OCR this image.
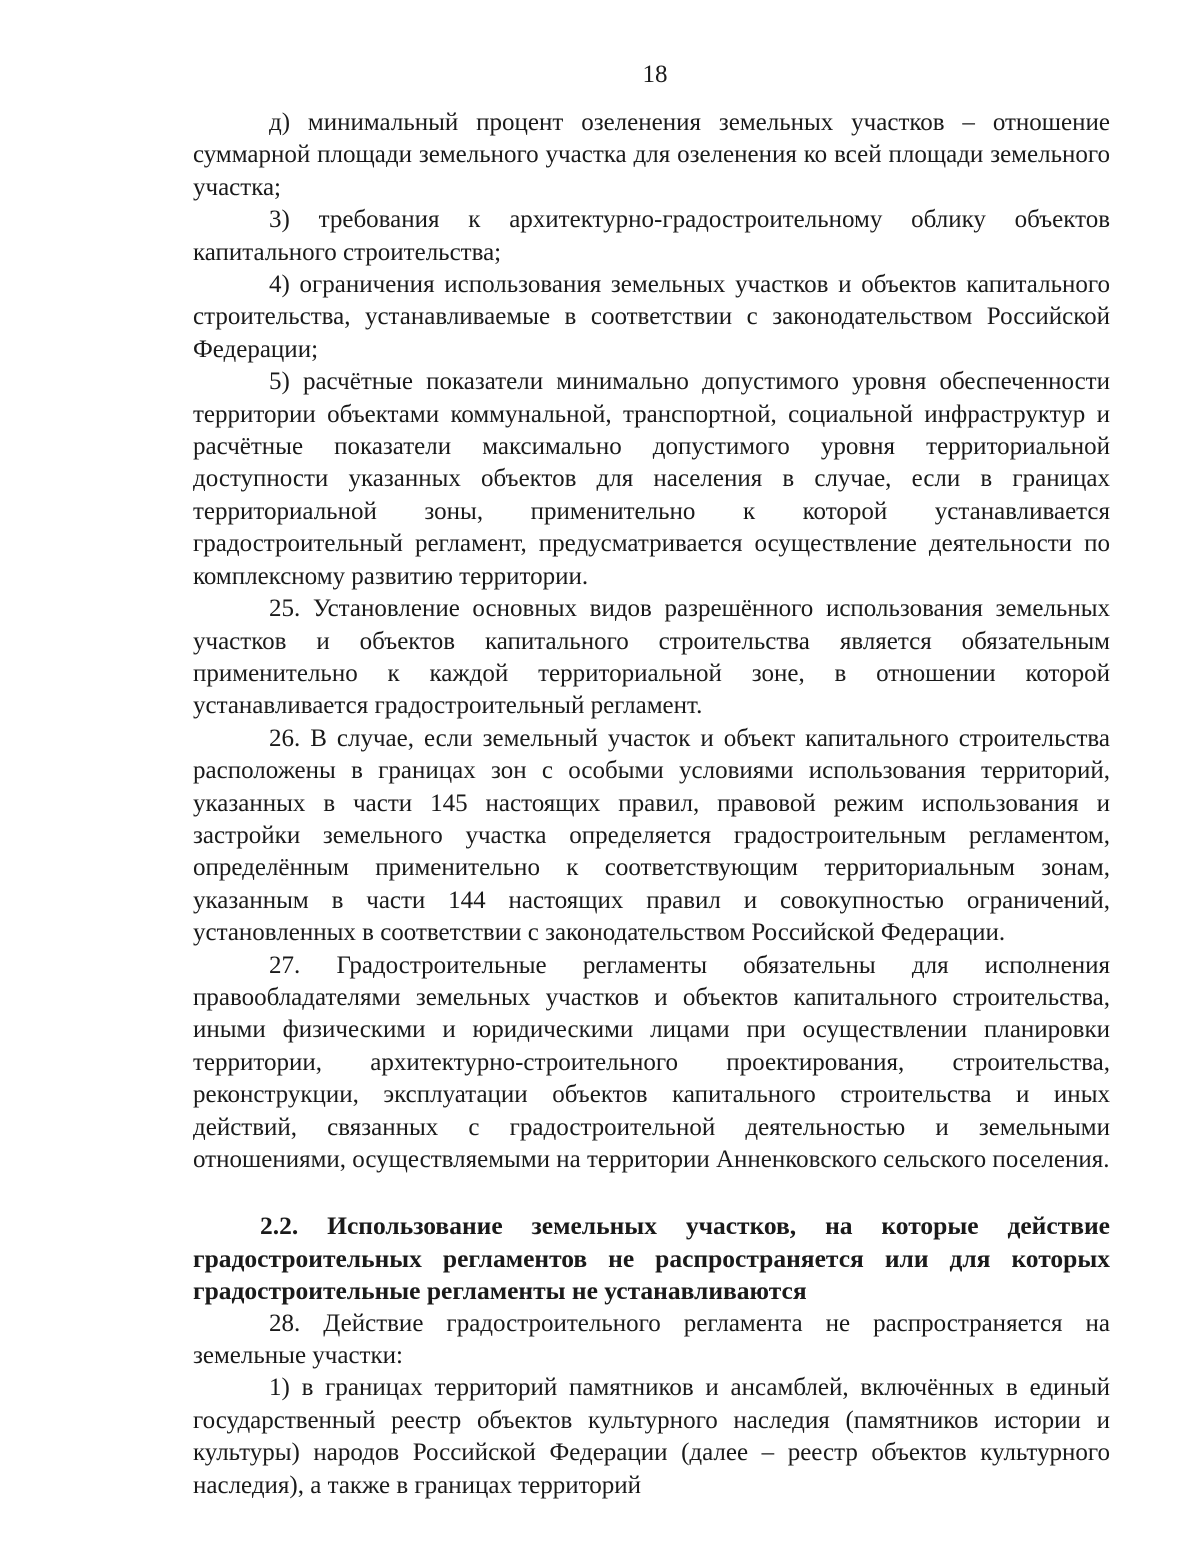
18

д) минимальный процент озеленения земельных участков – отношение суммарной площади земельного участка для озеленения ко всей площади земельного участка;

3) требования к архитектурно-градостроительному облику объектов капитального строительства;

4) ограничения использования земельных участков и объектов капитального строительства, устанавливаемые в соответствии с законодательством Российской Федерации;

5) расчётные показатели минимально допустимого уровня обеспеченности территории объектами коммунальной, транспортной, социальной инфраструктур и расчётные показатели максимально допустимого уровня территориальной доступности указанных объектов для населения в случае, если в границах территориальной зоны, применительно к которой устанавливается градостроительный регламент, предусматривается осуществление деятельности по комплексному развитию территории.

25. Установление основных видов разрешённого использования земельных участков и объектов капитального строительства является обязательным применительно к каждой территориальной зоне, в отношении которой устанавливается градостроительный регламент.

26. В случае, если земельный участок и объект капитального строительства расположены в границах зон с особыми условиями использования территорий, указанных в части 145 настоящих правил, правовой режим использования и застройки земельного участка определяется градостроительным регламентом, определённым применительно к соответствующим территориальным зонам, указанным в части 144 настоящих правил и совокупностью ограничений, установленных в соответствии с законодательством Российской Федерации.

27. Градостроительные регламенты обязательны для исполнения правообладателями земельных участков и объектов капитального строительства, иными физическими и юридическими лицами при осуществлении планировки территории, архитектурно-строительного проектирования, строительства, реконструкции, эксплуатации объектов капитального строительства и иных действий, связанных с градостроительной деятельностью и земельными отношениями, осуществляемыми на территории Анненковского сельского поселения.

2.2. Использование земельных участков, на которые действие градостроительных регламентов не распространяется или для которых градостроительные регламенты не устанавливаются

28. Действие градостроительного регламента не распространяется на земельные участки:

1) в границах территорий памятников и ансамблей, включённых в единый государственный реестр объектов культурного наследия (памятников истории и культуры) народов Российской Федерации (далее – реестр объектов культурного наследия), а также в границах территорий
